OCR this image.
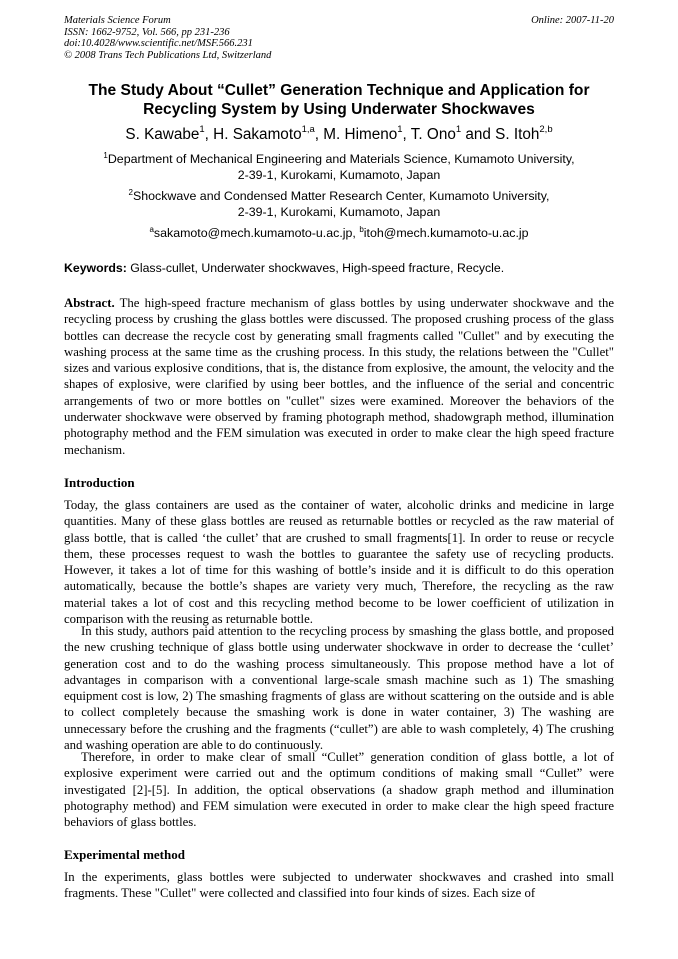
Materials Science Forum
ISSN: 1662-9752, Vol. 566, pp 231-236
doi:10.4028/www.scientific.net/MSF.566.231
© 2008 Trans Tech Publications Ltd, Switzerland
Online: 2007-11-20
The Study About “Cullet” Generation Technique and Application for
Recycling System by Using Underwater Shockwaves
S. Kawabe$^1$, H. Sakamoto$^{1,a}$, M. Himeno$^1$, T. Ono$^1$ and S. Itoh$^{2,b}$
$^1$Department of Mechanical Engineering and Materials Science, Kumamoto University,
2-39-1, Kurokami, Kumamoto, Japan
$^2$Shockwave and Condensed Matter Research Center, Kumamoto University,
2-39-1, Kurokami, Kumamoto, Japan
$^a$sakamoto@mech.kumamoto-u.ac.jp, $^b$itoh@mech.kumamoto-u.ac.jp
Keywords: Glass-cullet, Underwater shockwaves, High-speed fracture, Recycle.
Abstract. The high-speed fracture mechanism of glass bottles by using underwater shockwave and the recycling process by crushing the glass bottles were discussed. The proposed crushing process of the glass bottles can decrease the recycle cost by generating small fragments called "Cullet" and by executing the washing process at the same time as the crushing process. In this study, the relations between the "Cullet" sizes and various explosive conditions, that is, the distance from explosive, the amount, the velocity and the shapes of explosive, were clarified by using beer bottles, and the influence of the serial and concentric arrangements of two or more bottles on "cullet" sizes were examined. Moreover the behaviors of the underwater shockwave were observed by framing photograph method, shadowgraph method, illumination photography method and the FEM simulation was executed in order to make clear the high speed fracture mechanism.
Introduction
Today, the glass containers are used as the container of water, alcoholic drinks and medicine in large quantities. Many of these glass bottles are reused as returnable bottles or recycled as the raw material of glass bottle, that is called ‘the cullet’ that are crushed to small fragments[1]. In order to reuse or recycle them, these processes request to wash the bottles to guarantee the safety use of recycling products. However, it takes a lot of time for this washing of bottle’s inside and it is difficult to do this operation automatically, because the bottle’s shapes are variety very much, Therefore, the recycling as the raw material takes a lot of cost and this recycling method become to be lower coefficient of utilization in comparison with the reusing as returnable bottle.
In this study, authors paid attention to the recycling process by smashing the glass bottle, and proposed the new crushing technique of glass bottle using underwater shockwave in order to decrease the ‘cullet’ generation cost and to do the washing process simultaneously. This propose method have a lot of advantages in comparison with a conventional large-scale smash machine such as 1) The smashing equipment cost is low, 2) The smashing fragments of glass are without scattering on the outside and is able to collect completely because the smashing work is done in water container, 3) The washing are unnecessary before the crushing and the fragments (“cullet”) are able to wash completely, 4) The crushing and washing operation are able to do continuously.
Therefore, in order to make clear of small “Cullet” generation condition of glass bottle, a lot of explosive experiment were carried out and the optimum conditions of making small “Cullet” were investigated [2]-[5]. In addition, the optical observations (a shadow graph method and illumination photography method) and FEM simulation were executed in order to make clear the high speed fracture behaviors of glass bottles.
Experimental method
In the experiments, glass bottles were subjected to underwater shockwaves and crashed into small fragments. These "Cullet" were collected and classified into four kinds of sizes. Each size of
